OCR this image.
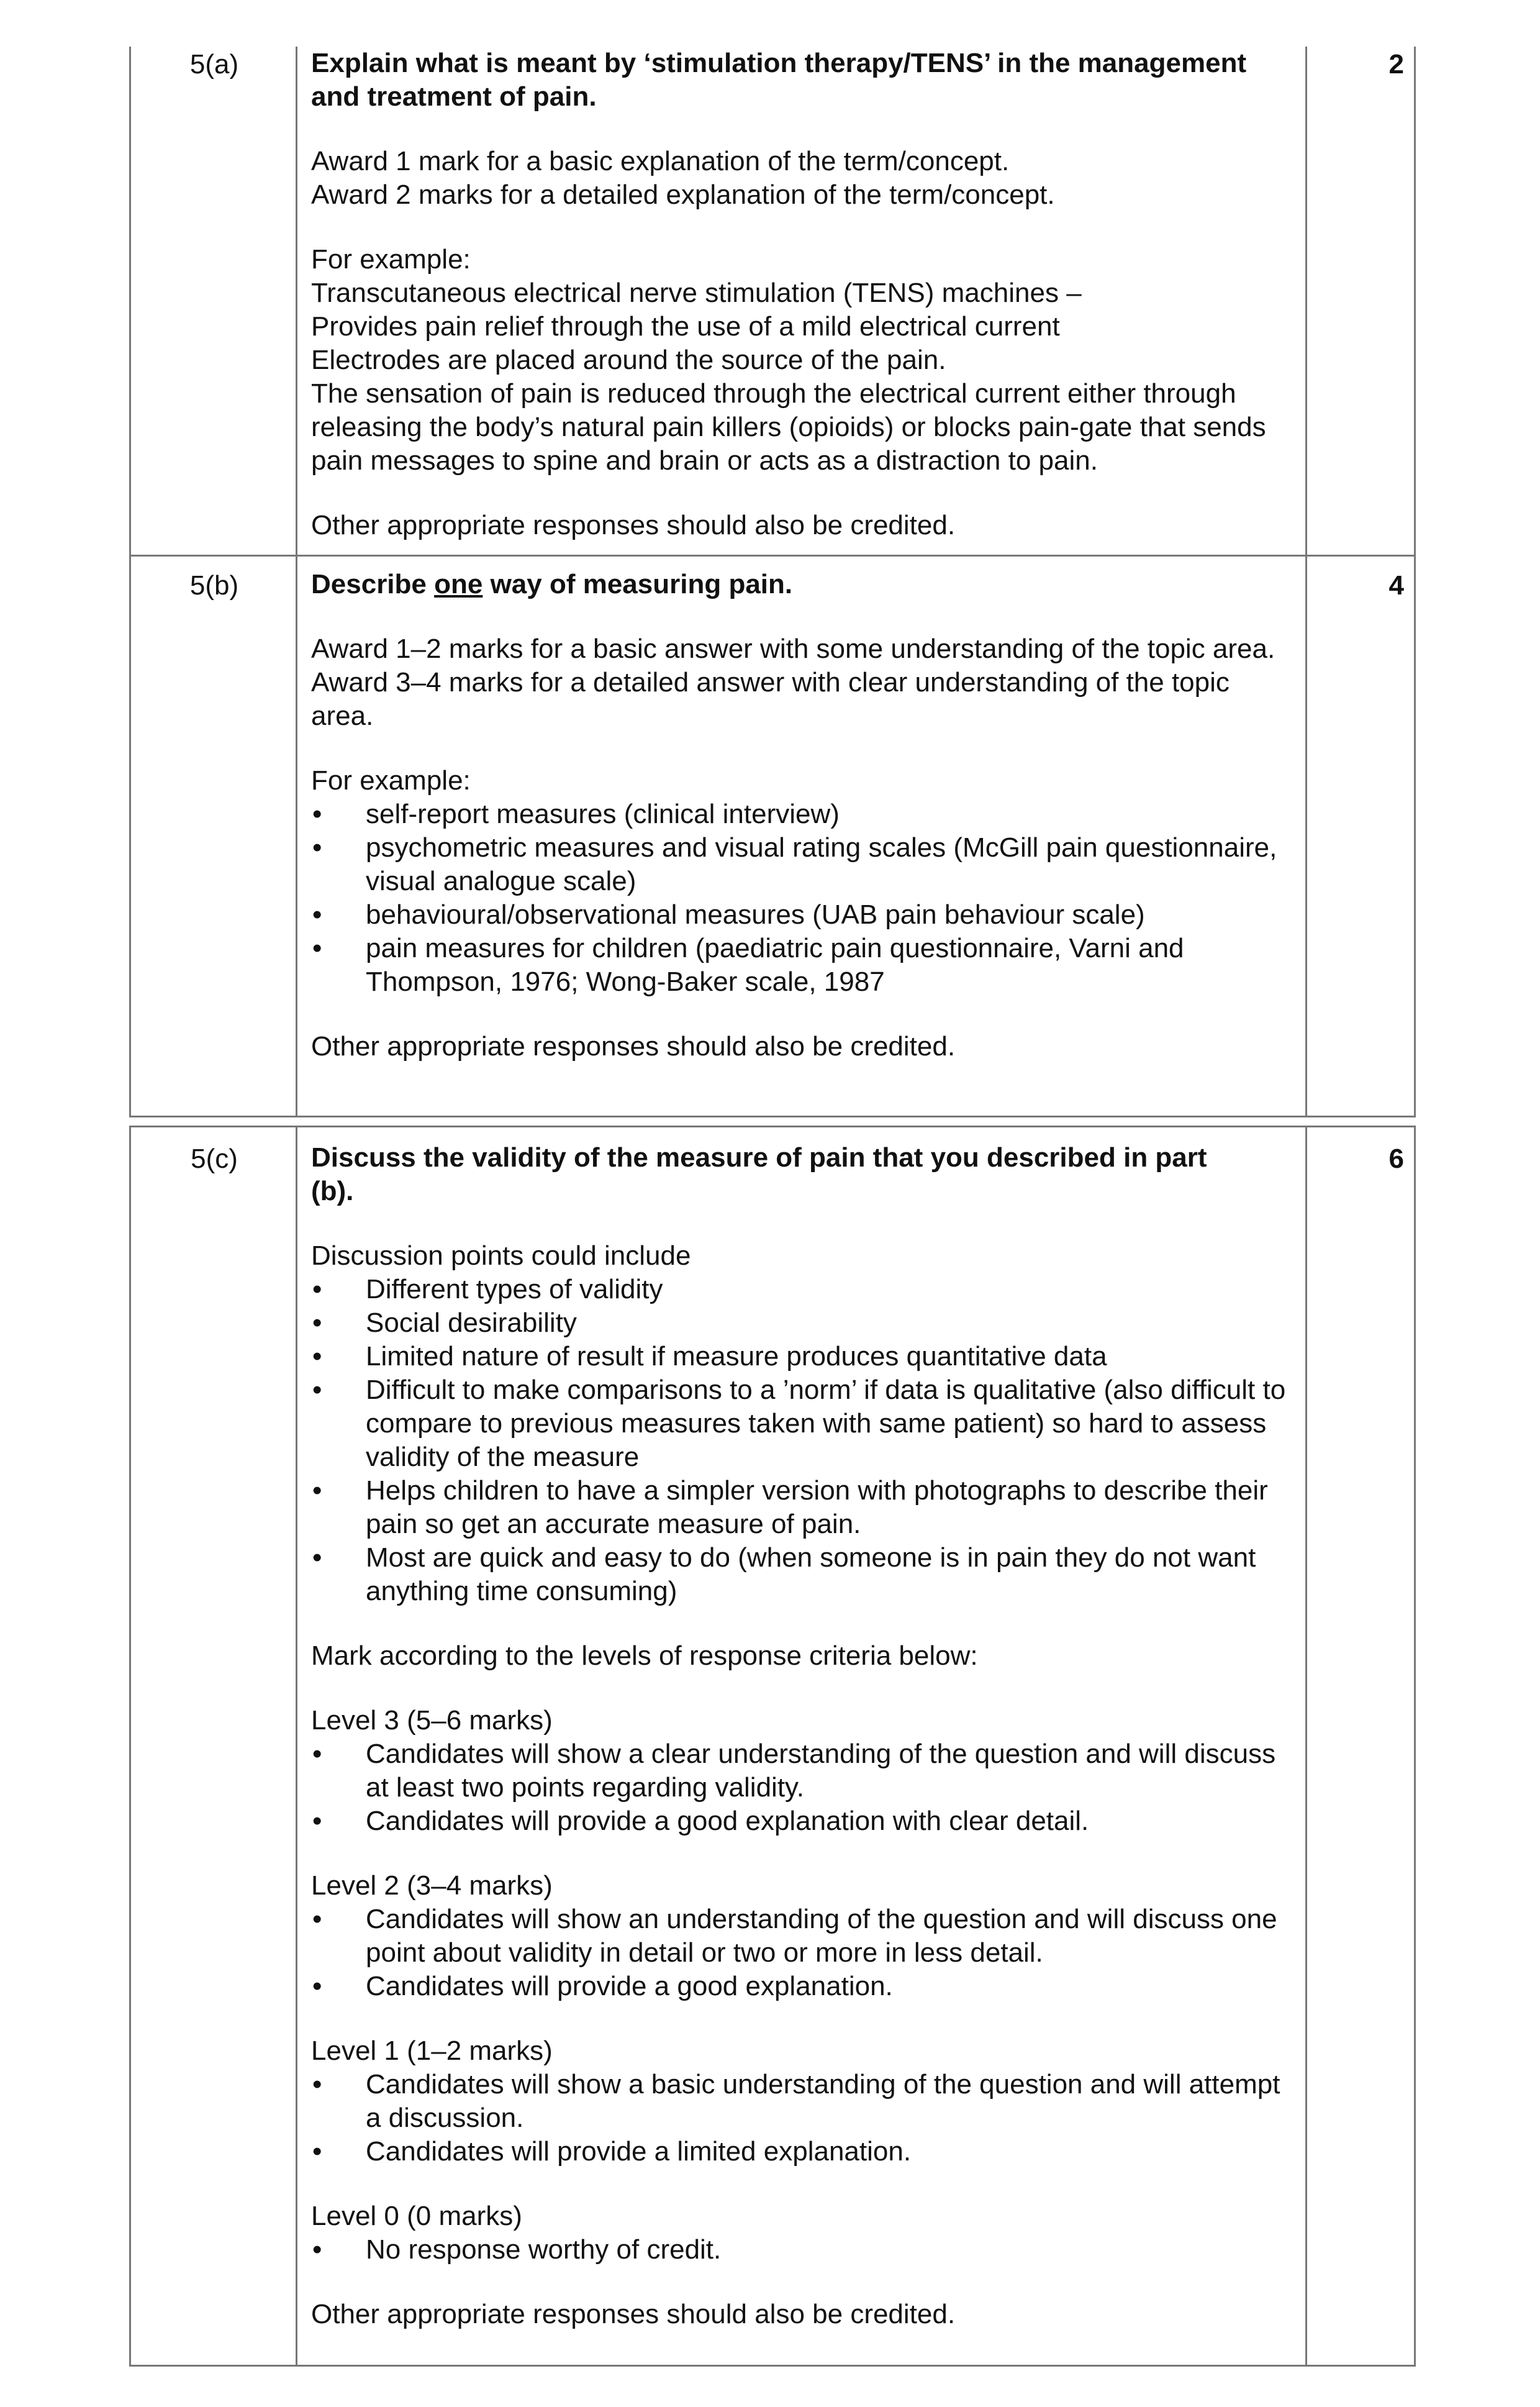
5(a)	2
Explain what is meant by ‘stimulation therapy/TENS’ in the management and treatment of pain.
Award 1 mark for a basic explanation of the term/concept.
Award 2 marks for a detailed explanation of the term/concept.
For example:
Transcutaneous electrical nerve stimulation (TENS) machines –
Provides pain relief through the use of a mild electrical current
Electrodes are placed around the source of the pain.
The sensation of pain is reduced through the electrical current either through releasing the body’s natural pain killers (opioids) or blocks pain-gate that sends pain messages to spine and brain or acts as a distraction to pain.
Other appropriate responses should also be credited.
5(b)	4
Describe one way of measuring pain.
Award 1–2 marks for a basic answer with some understanding of the topic area.
Award 3–4 marks for a detailed answer with clear understanding of the topic area.
For example:
• self-report measures (clinical interview)
• psychometric measures and visual rating scales (McGill pain questionnaire, visual analogue scale)
• behavioural/observational measures (UAB pain behaviour scale)
• pain measures for children (paediatric pain questionnaire, Varni and Thompson, 1976; Wong-Baker scale, 1987
Other appropriate responses should also be credited.
5(c)	6
Discuss the validity of the measure of pain that you described in part (b).
Discussion points could include
• Different types of validity
• Social desirability
• Limited nature of result if measure produces quantitative data
• Difficult to make comparisons to a ’norm’ if data is qualitative (also difficult to compare to previous measures taken with same patient) so hard to assess validity of the measure
• Helps children to have a simpler version with photographs to describe their pain so get an accurate measure of pain.
• Most are quick and easy to do (when someone is in pain they do not want anything time consuming)
Mark according to the levels of response criteria below:
Level 3 (5–6 marks)
• Candidates will show a clear understanding of the question and will discuss at least two points regarding validity.
• Candidates will provide a good explanation with clear detail.
Level 2 (3–4 marks)
• Candidates will show an understanding of the question and will discuss one point about validity in detail or two or more in less detail.
• Candidates will provide a good explanation.
Level 1 (1–2 marks)
• Candidates will show a basic understanding of the question and will attempt a discussion.
• Candidates will provide a limited explanation.
Level 0 (0 marks)
• No response worthy of credit.
Other appropriate responses should also be credited.
